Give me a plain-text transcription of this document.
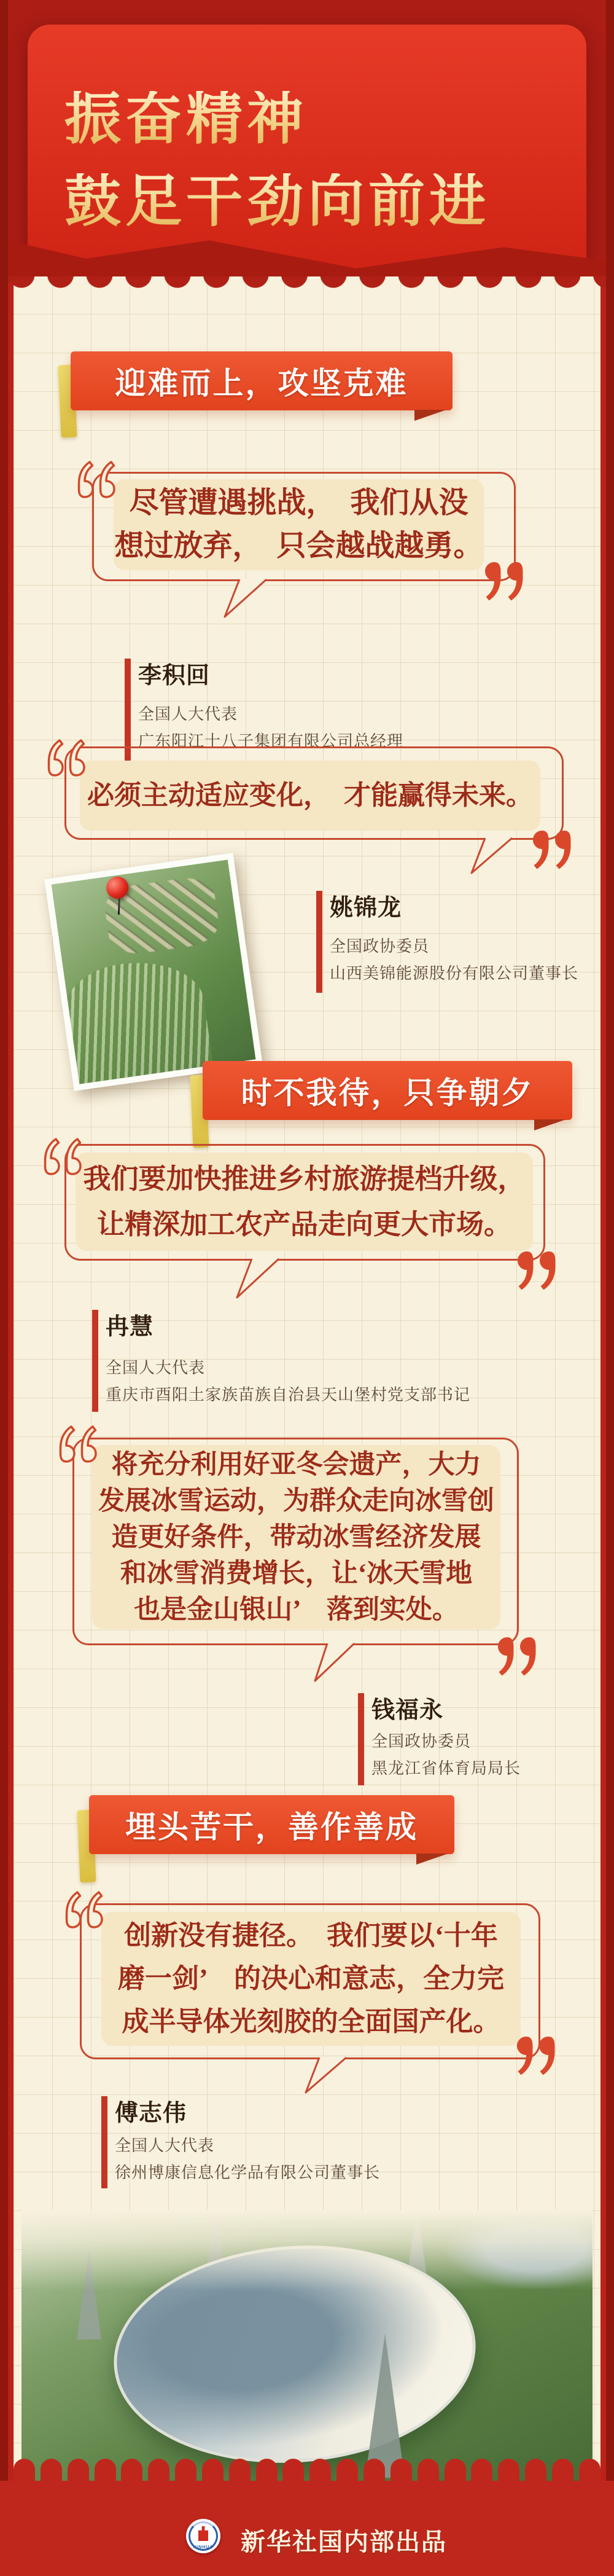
振奋精神
鼓足干劲向前进
迎难而上，攻坚克难
尽管遭遇挑战，　我们从没
想过放弃，　只会越战越勇。
李积回
全国人大代表
广东阳江十八子集团有限公司总经理
必须主动适应变化，　才能赢得未来。
姚锦龙
全国政协委员
山西美锦能源股份有限公司董事长
时不我待，只争朝夕
我们要加快推进乡村旅游提档升级，
让精深加工农产品走向更大市场。
冉慧
全国人大代表
重庆市酉阳土家族苗族自治县天山堡村党支部书记
将充分利用好亚冬会遗产，大力
发展冰雪运动，为群众走向冰雪创
造更好条件，带动冰雪经济发展
和冰雪消费增长，让‘冰天雪地
也是金山银山’　落到实处。
钱福永
全国政协委员
黑龙江省体育局局长
埋头苦干，善作善成
创新没有捷径。　我们要以‘十年
磨一剑’　的决心和意志，全力完
成半导体光刻胶的全面国产化。
傅志伟
全国人大代表
徐州博康信息化学品有限公司董事长
XINHUA 新华社国内部出品
